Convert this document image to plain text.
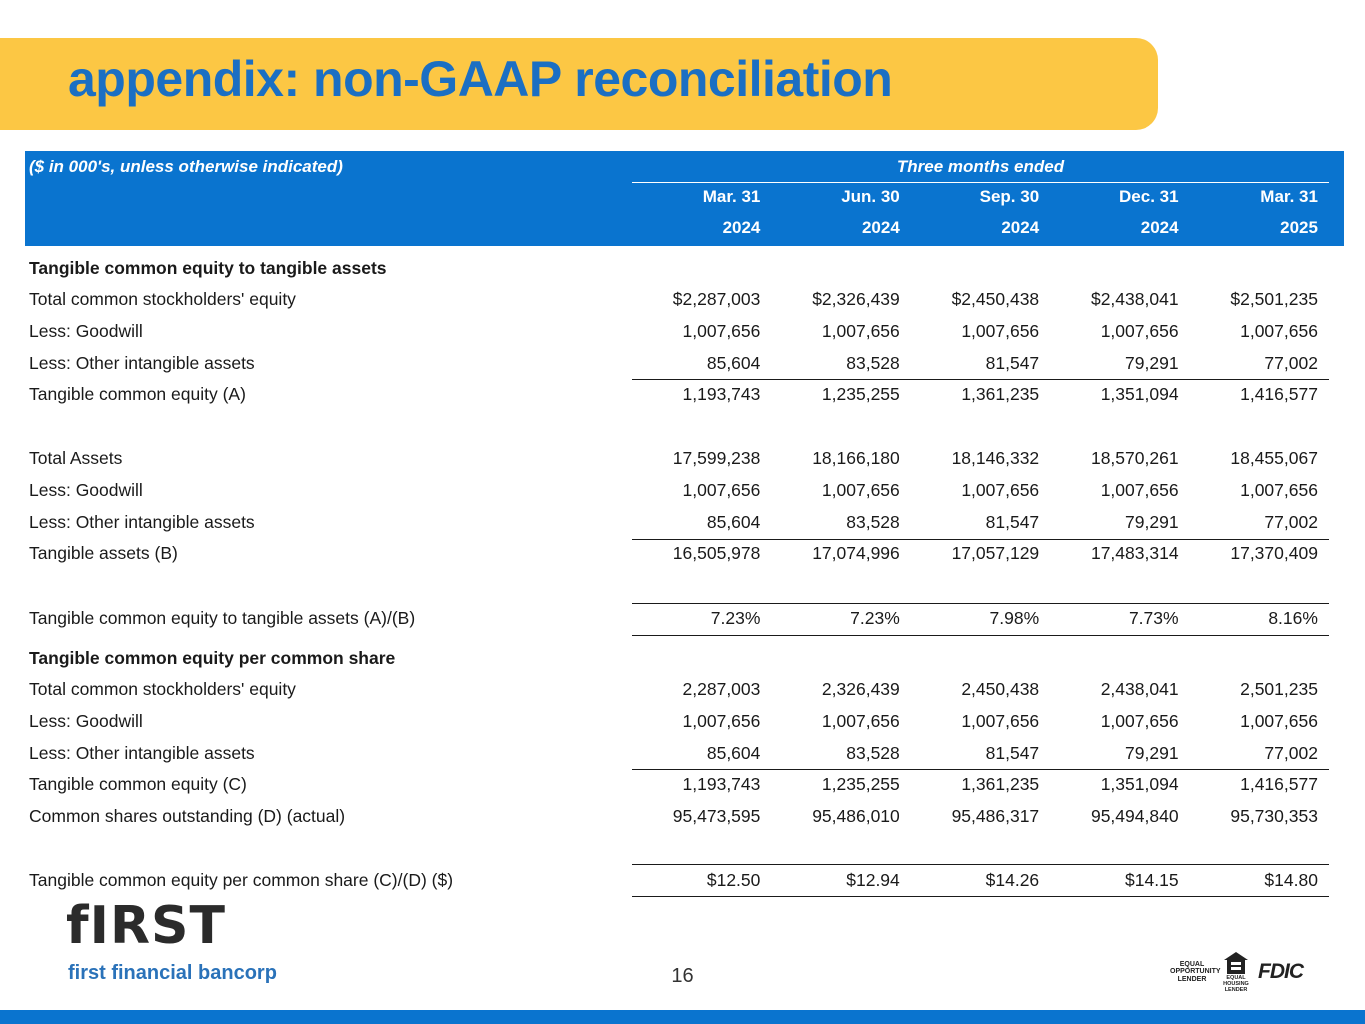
appendix: non-GAAP reconciliation
($ in 000's, unless otherwise indicated)	Three months ended
Mar. 31	Jun. 30	Sep. 30	Dec. 31	Mar. 31
2024	2024	2024	2024	2025
Tangible common equity to tangible assets
Total common stockholders' equity	$2,287,003	$2,326,439	$2,450,438	$2,438,041	$2,501,235
Less: Goodwill	1,007,656	1,007,656	1,007,656	1,007,656	1,007,656
Less: Other intangible assets	85,604	83,528	81,547	79,291	77,002
Tangible common equity (A)	1,193,743	1,235,255	1,361,235	1,351,094	1,416,577
Total Assets	17,599,238	18,166,180	18,146,332	18,570,261	18,455,067
Less: Goodwill	1,007,656	1,007,656	1,007,656	1,007,656	1,007,656
Less: Other intangible assets	85,604	83,528	81,547	79,291	77,002
Tangible assets (B)	16,505,978	17,074,996	17,057,129	17,483,314	17,370,409
Tangible common equity to tangible assets (A)/(B)	7.23%	7.23%	7.98%	7.73%	8.16%
Tangible common equity per common share
Total common stockholders' equity	2,287,003	2,326,439	2,450,438	2,438,041	2,501,235
Less: Goodwill	1,007,656	1,007,656	1,007,656	1,007,656	1,007,656
Less: Other intangible assets	85,604	83,528	81,547	79,291	77,002
Tangible common equity (C)	1,193,743	1,235,255	1,361,235	1,351,094	1,416,577
Common shares outstanding (D) (actual)	95,473,595	95,486,010	95,486,317	95,494,840	95,730,353
Tangible common equity per common share (C)/(D) ($)	$12.50	$12.94	$14.26	$14.15	$14.80
fIRST
first financial bancorp	16
EQUAL
OPPORTUNITY
LENDER	EQUAL HOUSING
LENDER
FDIC
